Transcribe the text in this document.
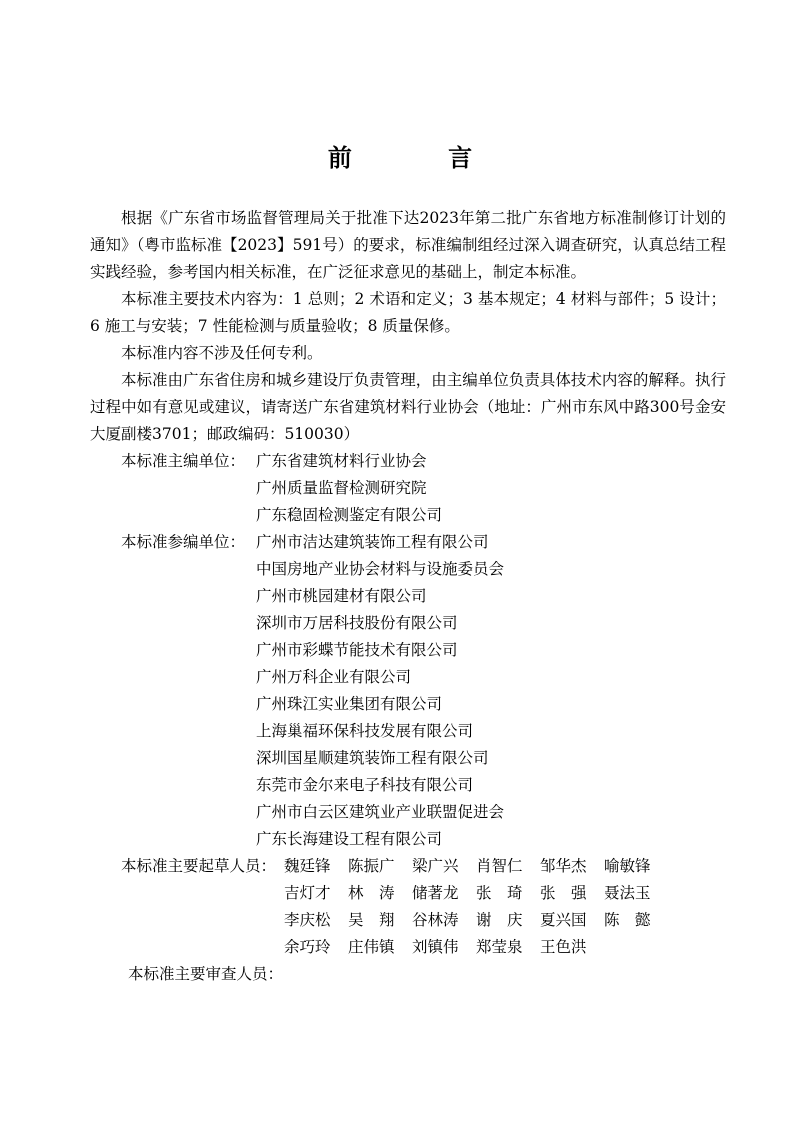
前 言
根据《广东省市场监督管理局关于批准下达2023年第二批广东省地方标准制修订计划的通知》（粤市监标准【2023】591号）的要求，标准编制组经过深入调查研究，认真总结工程实践经验，参考国内相关标准，在广泛征求意见的基础上，制定本标准。
本标准主要技术内容为：1 总则；2 术语和定义；3 基本规定；4 材料与部件；5 设计；6 施工与安装；7 性能检测与质量验收；8 质量保修。
本标准内容不涉及任何专利。
本标准由广东省住房和城乡建设厅负责管理，由主编单位负责具体技术内容的解释。执行过程中如有意见或建议，请寄送广东省建筑材料行业协会（地址：广州市东风中路300号金安大厦副楼3701；邮政编码：510030）
本标准主编单位： 广东省建筑材料行业协会
广州质量监督检测研究院
广东稳固检测鉴定有限公司
本标准参编单位： 广州市洁达建筑装饰工程有限公司
中国房地产业协会材料与设施委员会
广州市桃园建材有限公司
深圳市万居科技股份有限公司
广州市彩蝶节能技术有限公司
广州万科企业有限公司
广州珠江实业集团有限公司
上海巢福环保科技发展有限公司
深圳国星顺建筑装饰工程有限公司
东莞市金尔来电子科技有限公司
广州市白云区建筑业产业联盟促进会
广东长海建设工程有限公司
本标准主要起草人员： 魏廷锋 陈振广 梁广兴 肖智仁 邹华杰 喻敏锋
吉灯才 林　涛 储著龙 张　琦 张　强 聂法玉
李庆松 吴　翔 谷林涛 谢　庆 夏兴国 陈　懿
余巧玲 庄伟镇 刘镇伟 郑莹泉 王色洪
本标准主要审查人员：
